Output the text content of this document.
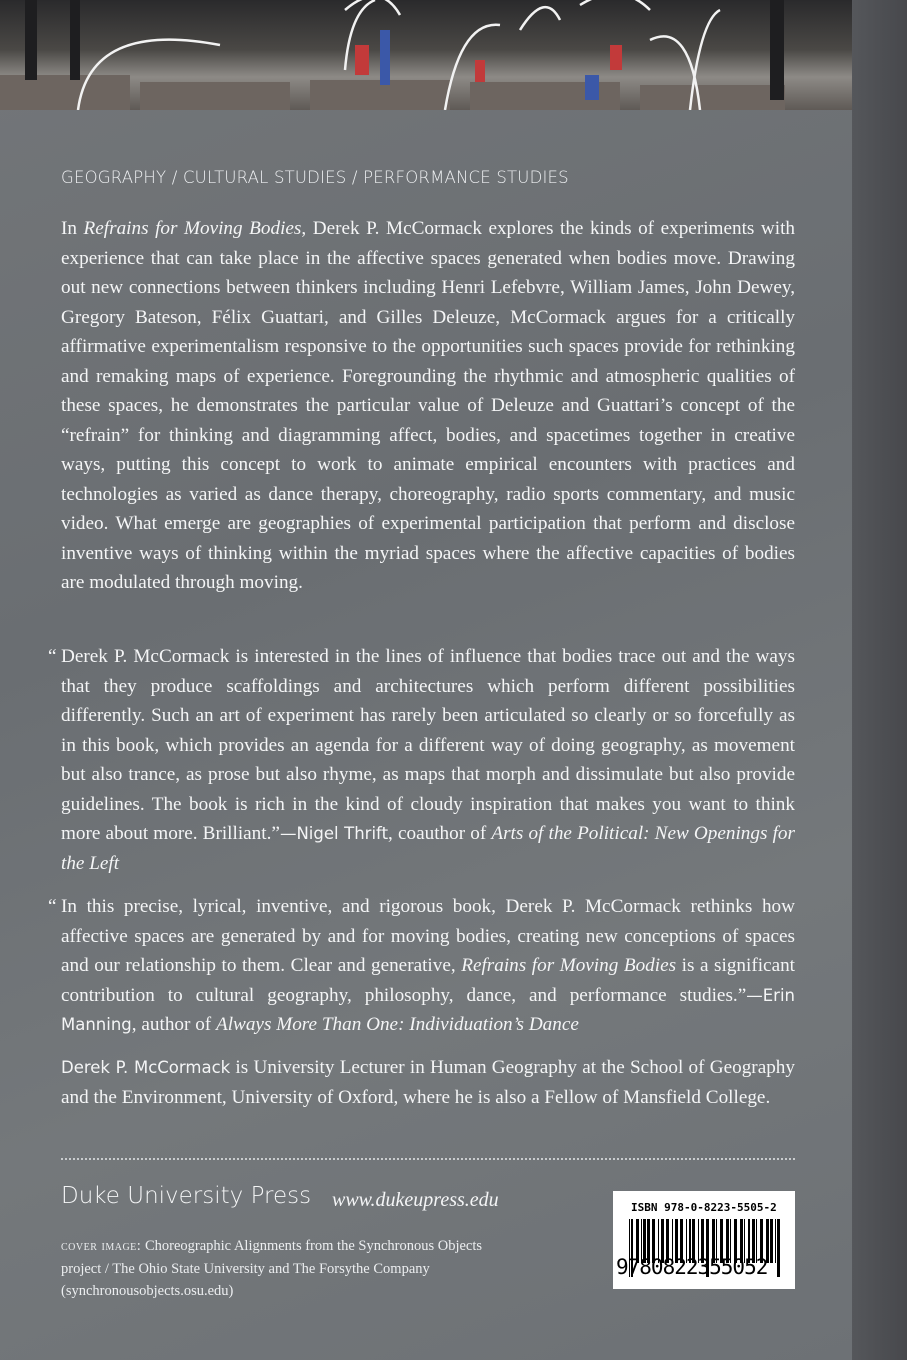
GEOGRAPHY / CULTURAL STUDIES / PERFORMANCE STUDIES
In Refrains for Moving Bodies, Derek P. McCormack explores the kinds of experiments with experience that can take place in the affective spaces generated when bodies move. Drawing out new connections between thinkers including Henri Lefebvre, William James, John Dewey, Gregory Bateson, Félix Guattari, and Gilles Deleuze, McCormack argues for a critically affirmative experimentalism responsive to the opportunities such spaces provide for rethinking and remaking maps of experience. Foregrounding the rhythmic and atmospheric qualities of these spaces, he demonstrates the particular value of Deleuze and Guattari’s concept of the “refrain” for thinking and diagramming affect, bodies, and spacetimes together in creative ways, putting this concept to work to animate empirical encounters with practices and technologies as varied as dance therapy, choreography, radio sports commentary, and music video. What emerge are geographies of experimental participation that perform and disclose inventive ways of thinking within the myriad spaces where the affective capacities of bodies are modulated through moving.
“ Derek P. McCormack is interested in the lines of influence that bodies trace out and the ways that they produce scaffoldings and architectures which perform different possibilities differently. Such an art of experiment has rarely been articulated so clearly or so forcefully as in this book, which provides an agenda for a different way of doing geography, as movement but also trance, as prose but also rhyme, as maps that morph and dissimulate but also provide guidelines. The book is rich in the kind of cloudy inspiration that makes you want to think more about more. Brilliant.”—Nigel Thrift, coauthor of Arts of the Political: New Openings for the Left
“ In this precise, lyrical, inventive, and rigorous book, Derek P. McCormack rethinks how affective spaces are generated by and for moving bodies, creating new conceptions of spaces and our relationship to them. Clear and generative, Refrains for Moving Bodies is a significant contribution to cultural geography, philosophy, dance, and performance studies.”—Erin Manning, author of Always More Than One: Individuation’s Dance
Derek P. McCormack is University Lecturer in Human Geography at the School of Geography and the Environment, University of Oxford, where he is also a Fellow of Mansfield College.
Duke University Press www.dukeupress.edu
cover image: Choreographic Alignments from the Synchronous Objects project / The Ohio State University and The Forsythe Company (synchronousobjects.osu.edu)
ISBN 978-0-8223-5505-2
9780822355052
